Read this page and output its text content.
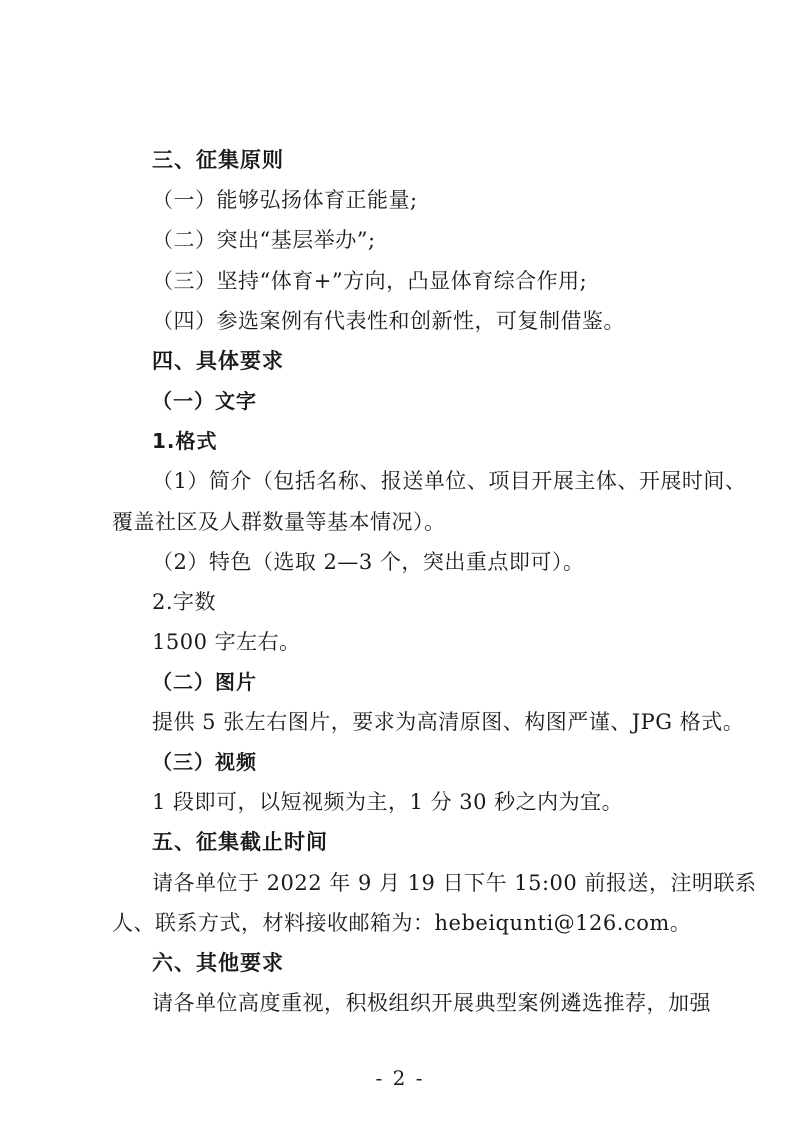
三、征集原则
（一）能够弘扬体育正能量;
（二）突出“基层举办”;
（三）坚持“体育+”方向，凸显体育综合作用;
（四）参选案例有代表性和创新性，可复制借鉴。
四、具体要求
（一）文字
1.格式
（1）简介（包括名称、报送单位、项目开展主体、开展时间、
覆盖社区及人群数量等基本情况）。
（2）特色（选取 2—3 个，突出重点即可）。
2.字数
1500 字左右。
（二）图片
提供 5 张左右图片，要求为高清原图、构图严谨、JPG 格式。
（三）视频
1 段即可，以短视频为主，1 分 30 秒之内为宜。
五、征集截止时间
请各单位于 2022 年 9 月 19 日下午 15:00 前报送，注明联系
人、联系方式，材料接收邮箱为：hebeiqunti@126.com。
六、其他要求
请各单位高度重视，积极组织开展典型案例遴选推荐，加强
- 2 -
